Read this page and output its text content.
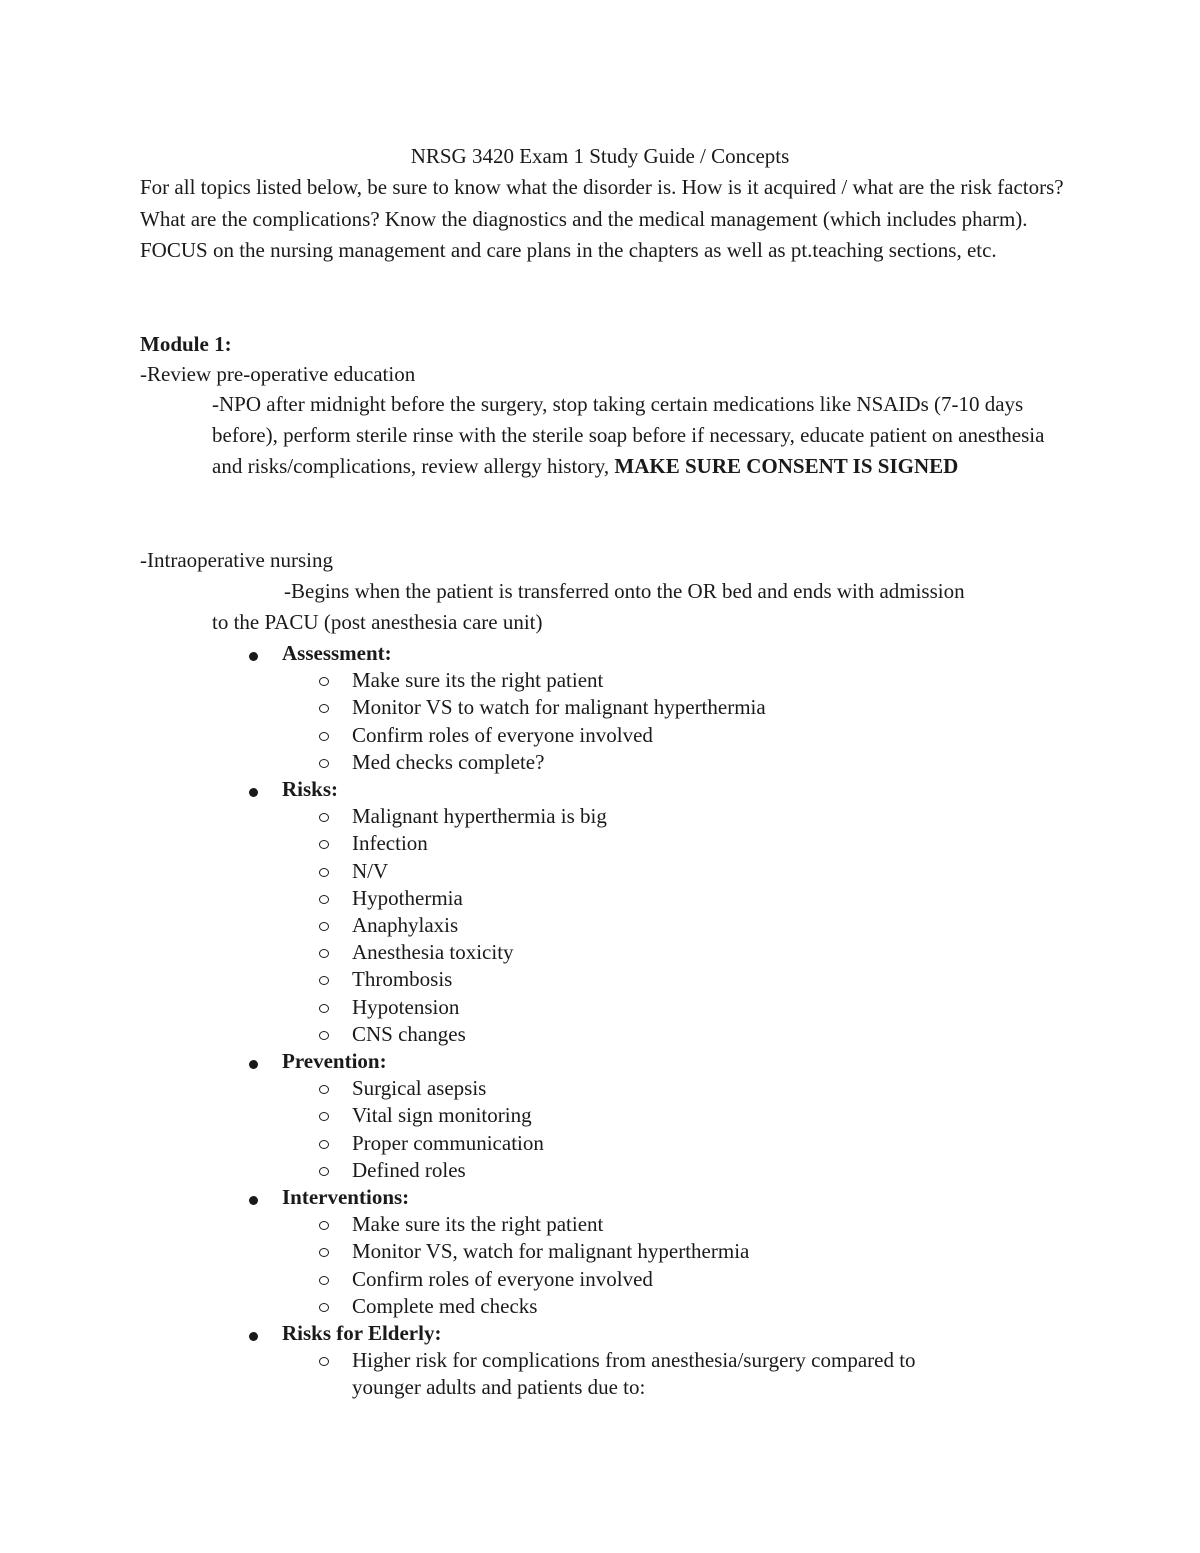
NRSG 3420 Exam 1 Study Guide / Concepts
For all topics listed below, be sure to know what the disorder is. How is it acquired / what are the risk factors? What are the complications? Know the diagnostics and the medical management (which includes pharm). FOCUS on the nursing management and care plans in the chapters as well as pt.teaching sections, etc.
Module 1:
-Review pre-operative education
-NPO after midnight before the surgery, stop taking certain medications like NSAIDs (7-10 days before), perform sterile rinse with the sterile soap before if necessary, educate patient on anesthesia and risks/complications, review allergy history, MAKE SURE CONSENT IS SIGNED
-Intraoperative nursing
-Begins when the patient is transferred onto the OR bed and ends with admission
to the PACU (post anesthesia care unit)
Assessment:
Make sure its the right patient
Monitor VS to watch for malignant hyperthermia
Confirm roles of everyone involved
Med checks complete?
Risks:
Malignant hyperthermia is big
Infection
N/V
Hypothermia
Anaphylaxis
Anesthesia toxicity
Thrombosis
Hypotension
CNS changes
Prevention:
Surgical asepsis
Vital sign monitoring
Proper communication
Defined roles
Interventions:
Make sure its the right patient
Monitor VS, watch for malignant hyperthermia
Confirm roles of everyone involved
Complete med checks
Risks for Elderly:
Higher risk for complications from anesthesia/surgery compared to
younger adults and patients due to:
